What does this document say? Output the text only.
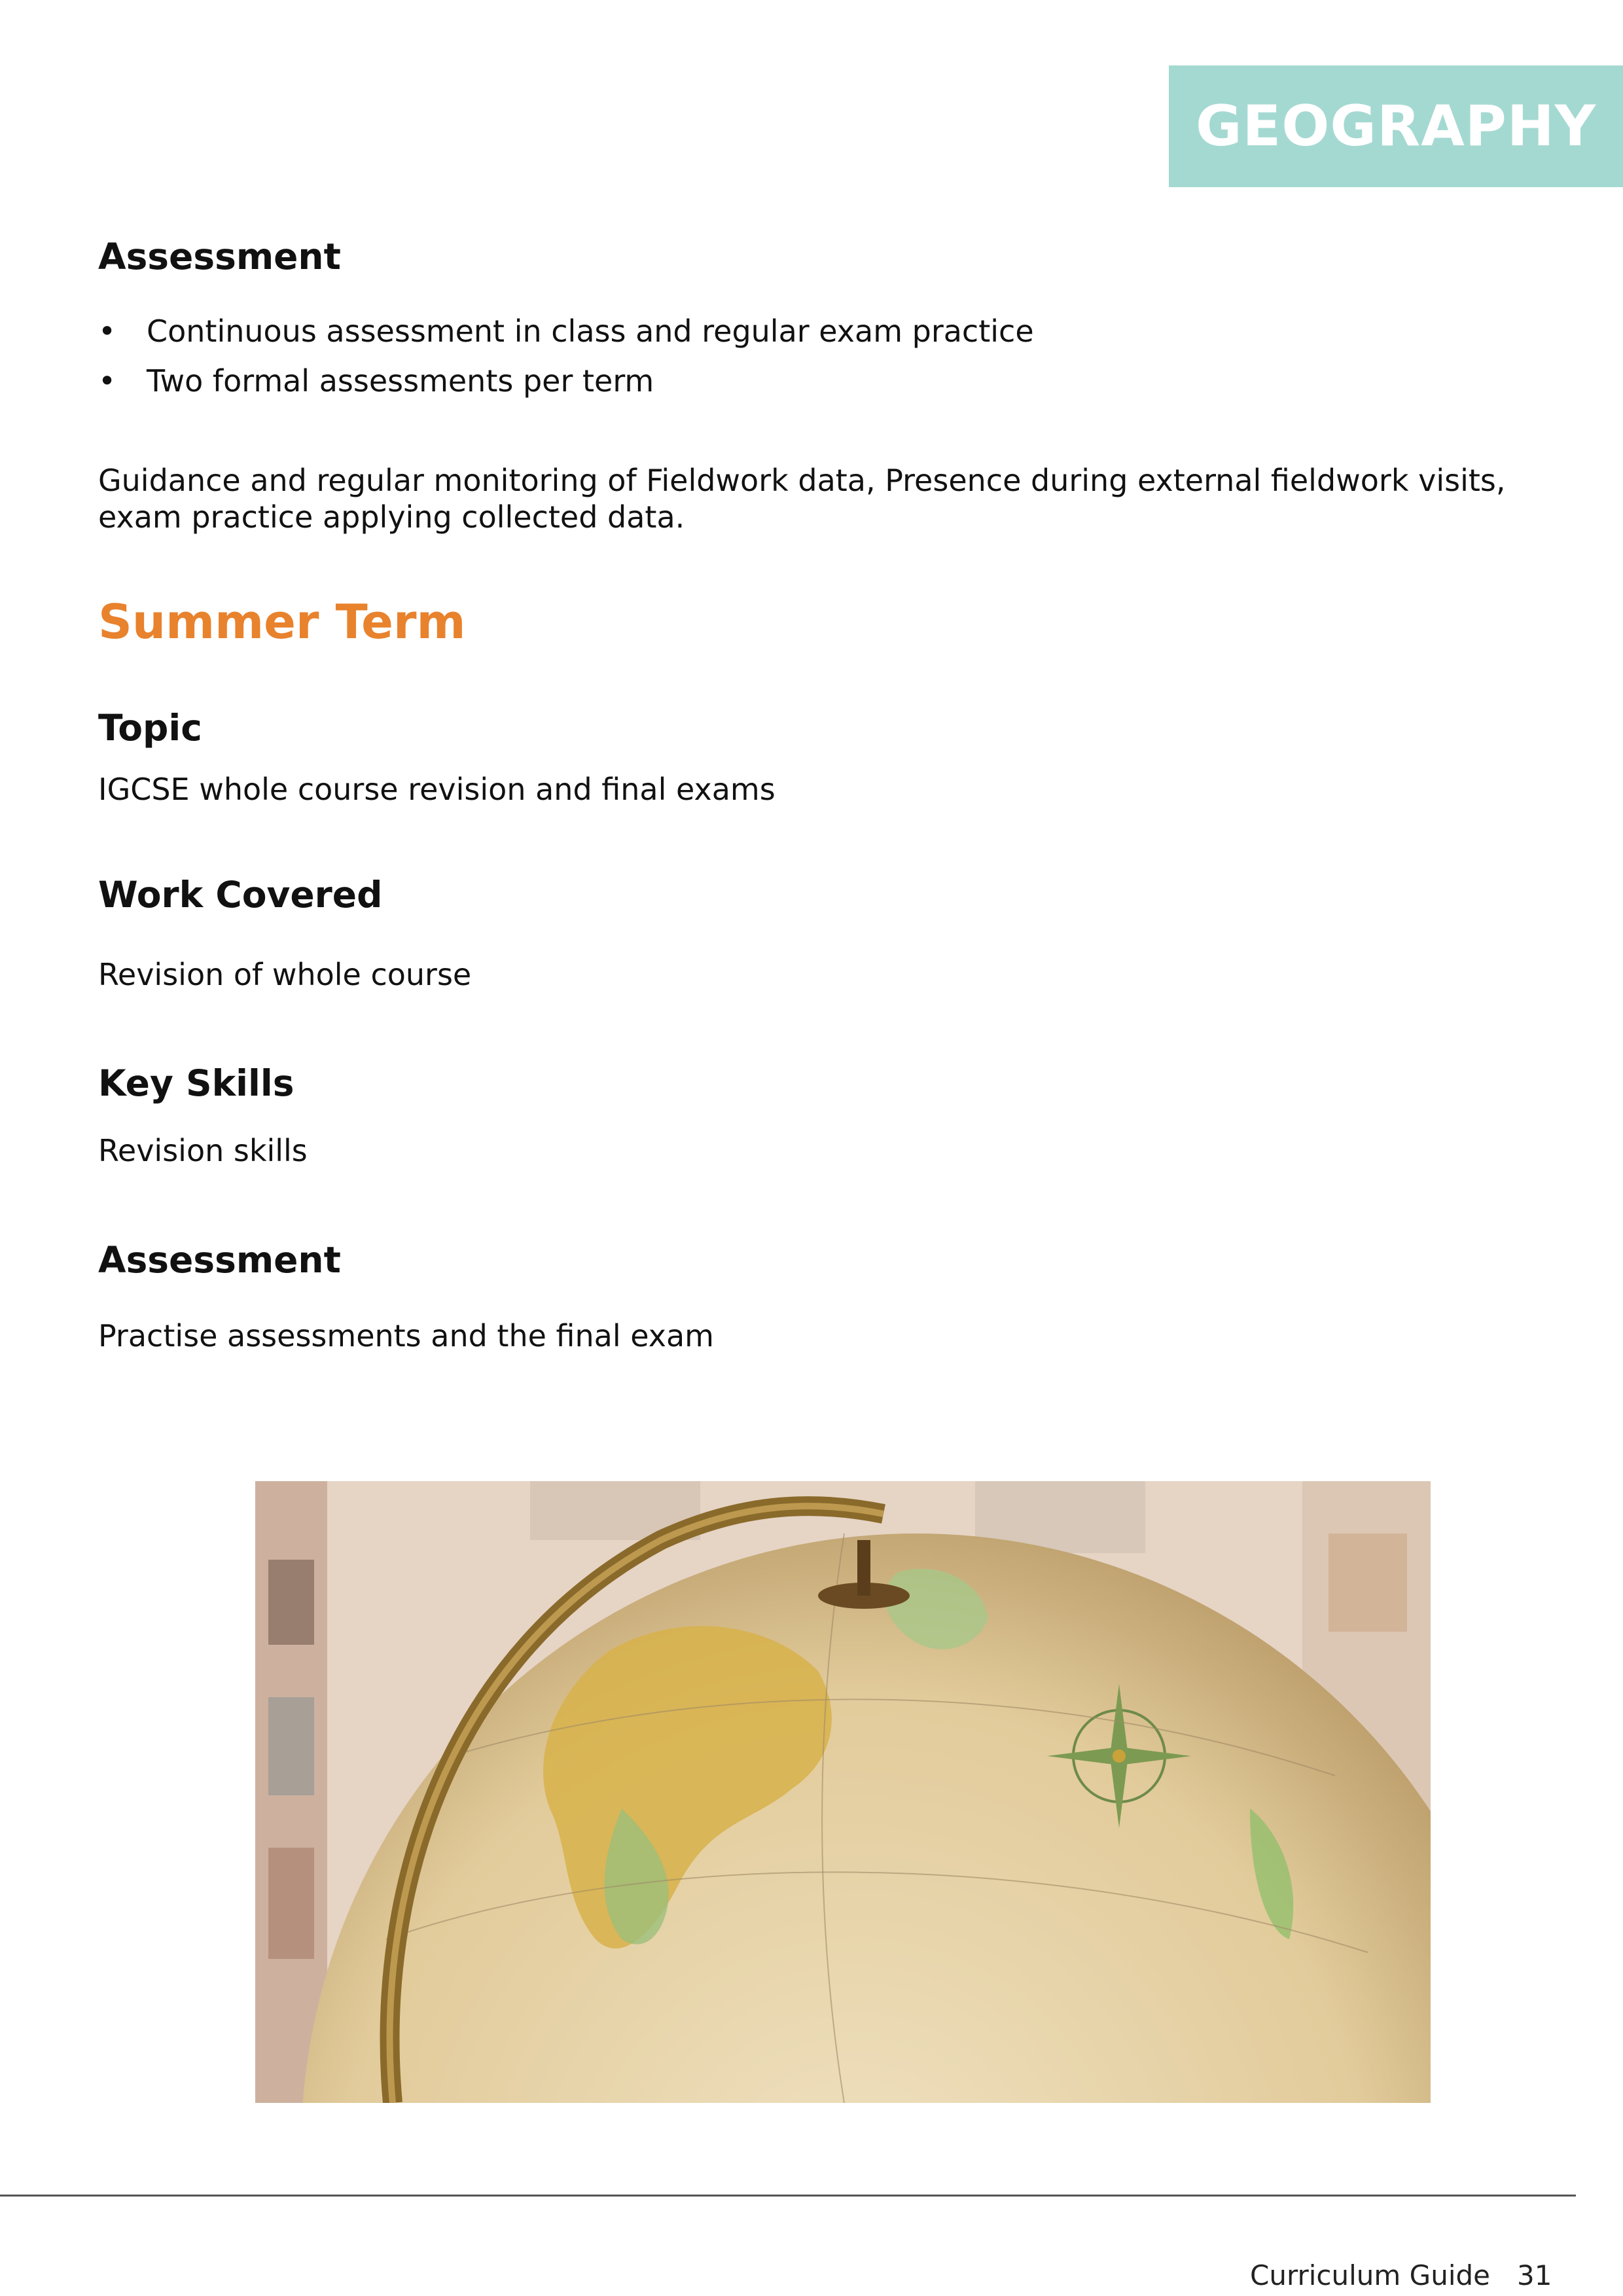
GEOGRAPHY
Assessment
• Continuous assessment in class and regular exam practice
• Two formal assessments per term

Guidance and regular monitoring of Fieldwork data, Presence during external fieldwork visits, exam practice applying collected data.

Summer Term
Topic

IGCSE whole course revision and final exams

Work Covered

Revision of whole course

Key Skills

Revision skills

Assessment

Practise assessments and the final exam

Curriculum Guide 31
